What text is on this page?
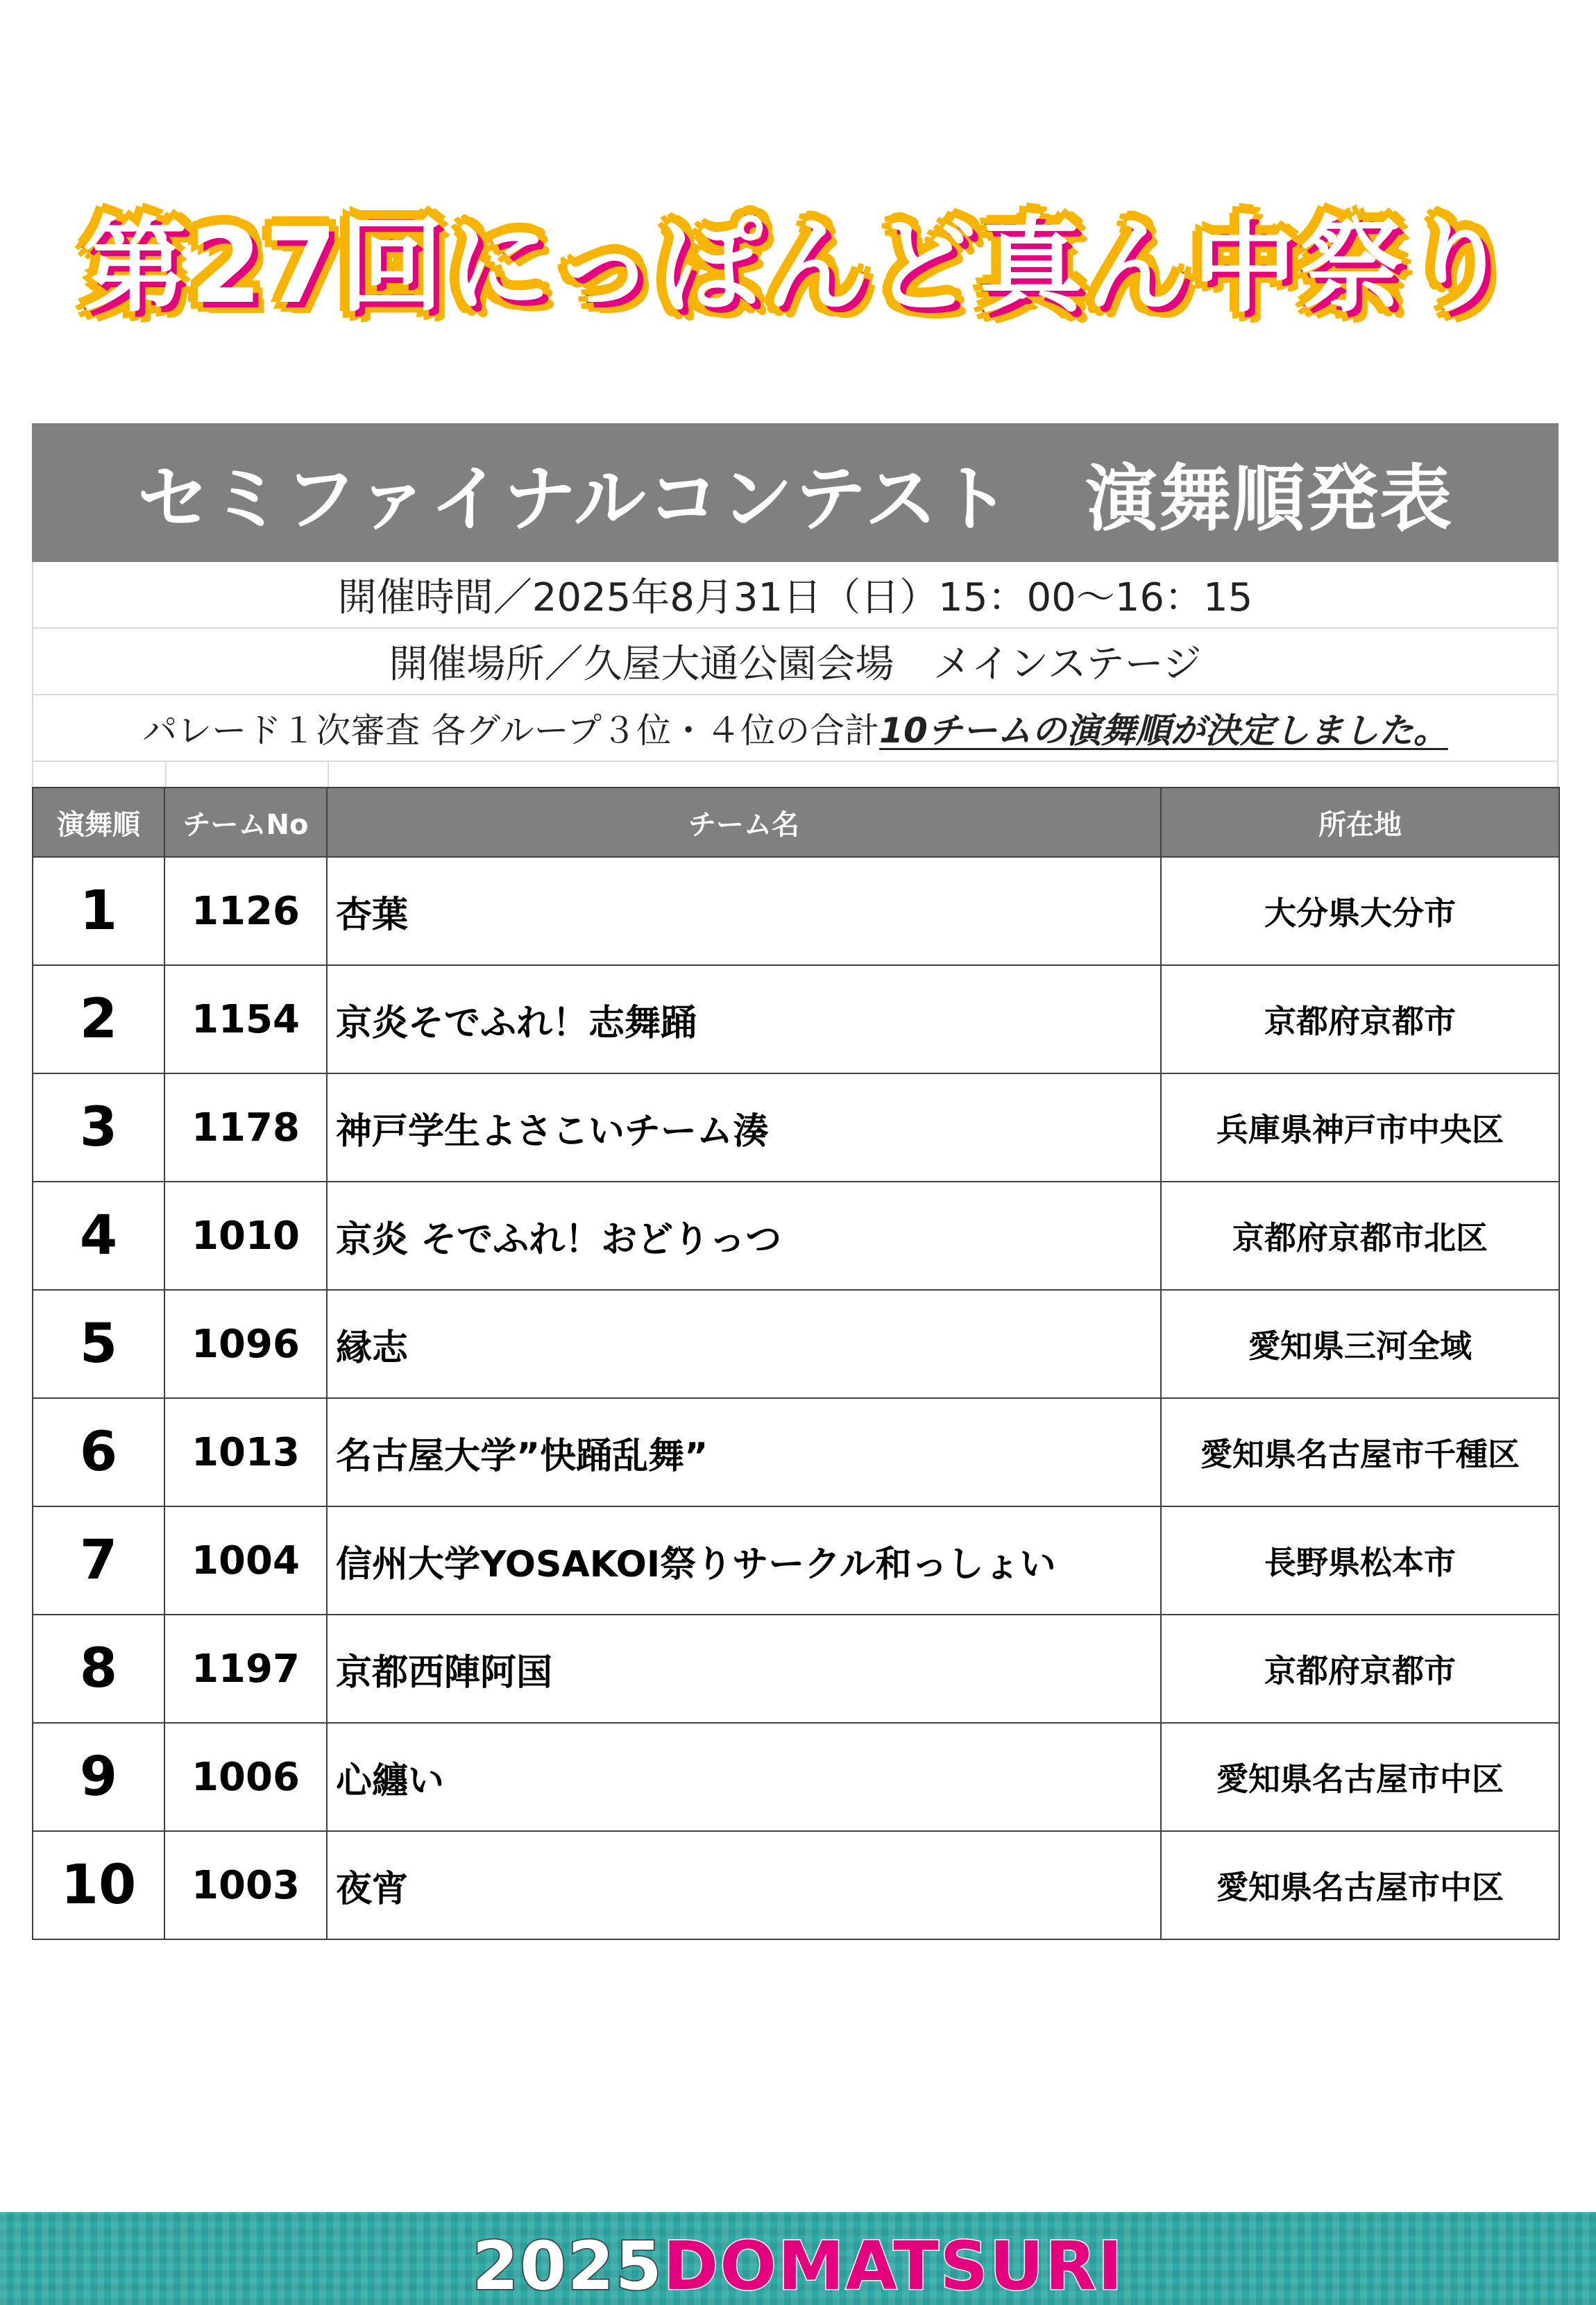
第27回にっぽんど真ん中祭り
セミファイナルコンテスト　演舞順発表
開催時間／2025年8月31日（日）15：00～16：15
開催場所／久屋大通公園会場　メインステージ
パレード１次審査 各グループ３位・４位の合計 10チームの演舞順が決定しました。
演舞順	チームNo	チーム名	所在地
1	1126	杏葉	大分県大分市
2	1154	京炎そでふれ！志舞踊	京都府京都市
3	1178	神戸学生よさこいチーム湊	兵庫県神戸市中央区
4	1010	京炎 そでふれ！おどりっつ	京都府京都市北区
5	1096	縁志	愛知県三河全域
6	1013	名古屋大学”快踊乱舞”	愛知県名古屋市千種区
7	1004	信州大学YOSAKOI祭りサークル和っしょい	長野県松本市
8	1197	京都西陣阿国	京都府京都市
9	1006	心纏い	愛知県名古屋市中区
10	1003	夜宵	愛知県名古屋市中区
2025DOMATSURI
